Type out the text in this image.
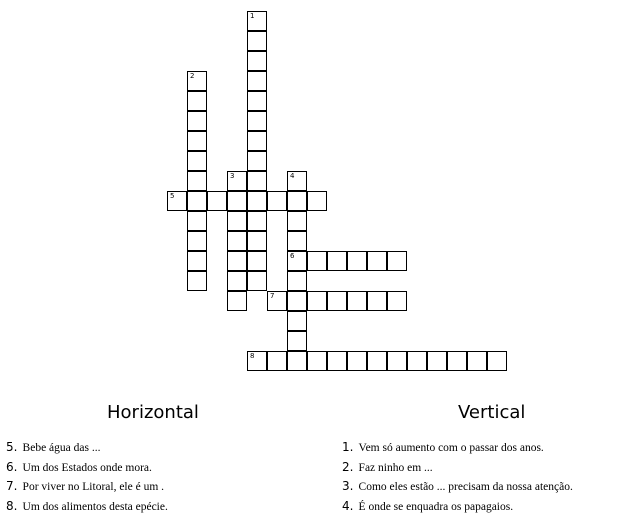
1
2
3	4
6
5
7
8
Horizontal	Vertical
5. Bebe água das ...
6. Um dos Estados onde mora.
7. Por viver no Litoral, ele é um .
8. Um dos alimentos desta epécie.
1. Vem só aumento com o passar dos anos.
2. Faz ninho em ...
3. Como eles estão ... precisam da nossa atenção.
4. É onde se enquadra os papagaios.
